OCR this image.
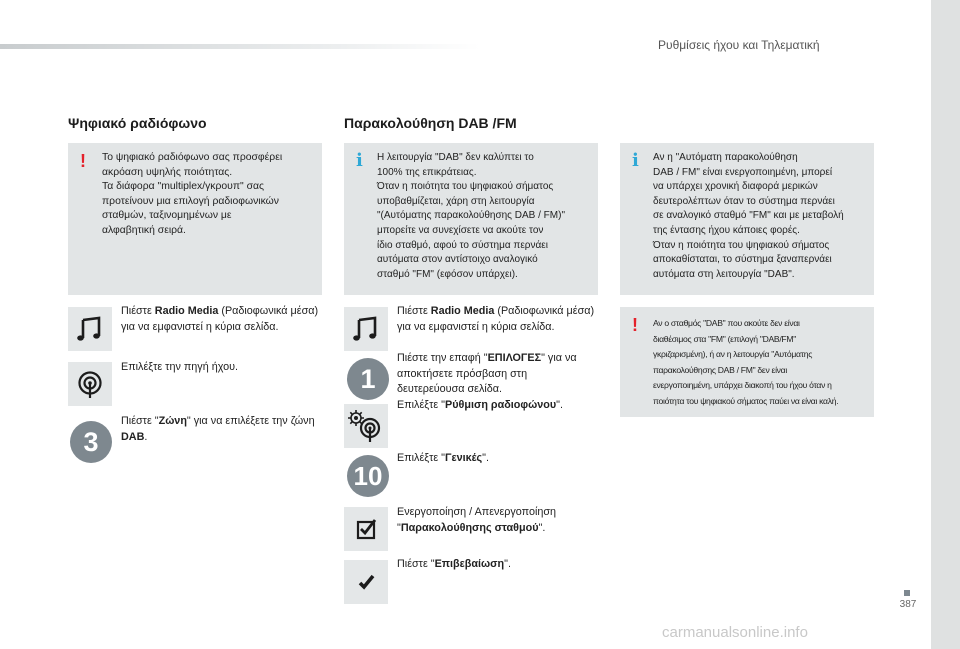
Ρυθμίσεις ήχου και Τηλεματική
387
Ψηφιακό ραδιόφωνο
! Το ψηφιακό ραδιόφωνο σας προσφέρει
ακρόαση υψηλής ποιότητας.
Τα διάφορα "multiplex/γκρουπ" σας
προτείνουν μια επιλογή ραδιοφωνικών
σταθμών, ταξινομημένων με
αλφαβητική σειρά.
Πιέστε Radio Media (Ραδιοφωνικά μέσα) για να εμφανιστεί η κύρια σελίδα.
Επιλέξτε την πηγή ήχου.
3
Πιέστε "Ζώνη" για να επιλέξετε την ζώνη DAB.
Παρακολούθηση DAB /FM
i Η λειτουργία "DAB" δεν καλύπτει το
100% της επικράτειας.
Όταν η ποιότητα του ψηφιακού σήματος
υποβαθμίζεται, χάρη στη λειτουργία
"(Αυτόματης παρακολούθησης DAB / FM)"
μπορείτε να συνεχίσετε να ακούτε τον
ίδιο σταθμό, αφού το σύστημα περνάει
αυτόματα στον αντίστοιχο αναλογικό
σταθμό "FM" (εφόσον υπάρχει).
Πιέστε Radio Media (Ραδιοφωνικά μέσα) για να εμφανιστεί η κύρια σελίδα.
1
Πιέστε την επαφή "ΕΠΙΛΟΓΕΣ" για να αποκτήσετε πρόσβαση στη δευτερεύουσα σελίδα.
Επιλέξτε "Ρύθμιση ραδιοφώνου".
10
Επιλέξτε "Γενικές".
Ενεργοποίηση / Απενεργοποίηση "Παρακολούθησης σταθμού".
Πιέστε "Επιβεβαίωση".
i Αν η "Αυτόματη παρακολούθηση
DAB / FM" είναι ενεργοποιημένη, μπορεί
να υπάρχει χρονική διαφορά μερικών
δευτερολέπτων όταν το σύστημα περνάει
σε αναλογικό σταθμό "FM" και με μεταβολή
της έντασης ήχου κάποιες φορές.
Όταν η ποιότητα του ψηφιακού σήματος
αποκαθίσταται, το σύστημα ξαναπερνάει
αυτόματα στη λειτουργία "DAB".
! Αν ο σταθμός "DAB" που ακούτε δεν είναι
διαθέσιμος στα "FM" (επιλογή "DAB/FM"
γκριζαρισμένη), ή αν η λειτουργία "Αυτόματης
παρακολούθησης DAB / FM" δεν είναι
ενεργοποιημένη, υπάρχει διακοπή του ήχου όταν η
ποιότητα του ψηφιακού σήματος παύει να είναι καλή.
carmanualsonline.info
